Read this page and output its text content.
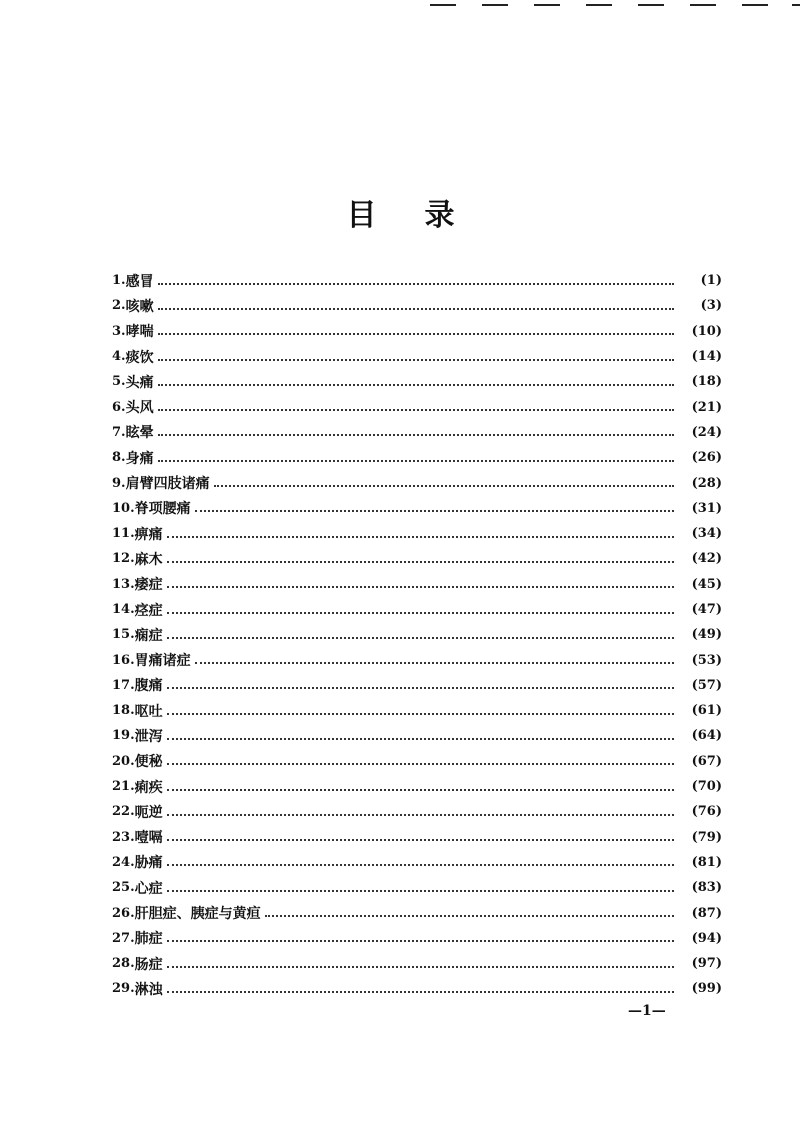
目 录
1. 感冒	(1)
2. 咳嗽	(3)
3. 哮喘	(10)
4. 痰饮	(14)
5. 头痛	(18)
6. 头风	(21)
7. 眩晕	(24)
8. 身痛	(26)
9. 肩臂四肢诸痛	(28)
10. 脊项腰痛	(31)
11. 痹痛	(34)
12. 麻木	(42)
13. 痿症	(45)
14. 痉症	(47)
15. 痫症	(49)
16. 胃痛诸症	(53)
17. 腹痛	(57)
18. 呕吐	(61)
19. 泄泻	(64)
20. 便秘	(67)
21. 痢疾	(70)
22. 呃逆	(76)
23. 噎嗝	(79)
24. 胁痛	(81)
25. 心症	(83)
26. 肝胆症、胰症与黄疸	(87)
27. 肺症	(94)
28. 肠症	(97)
29. 淋浊	(99)
—1—
